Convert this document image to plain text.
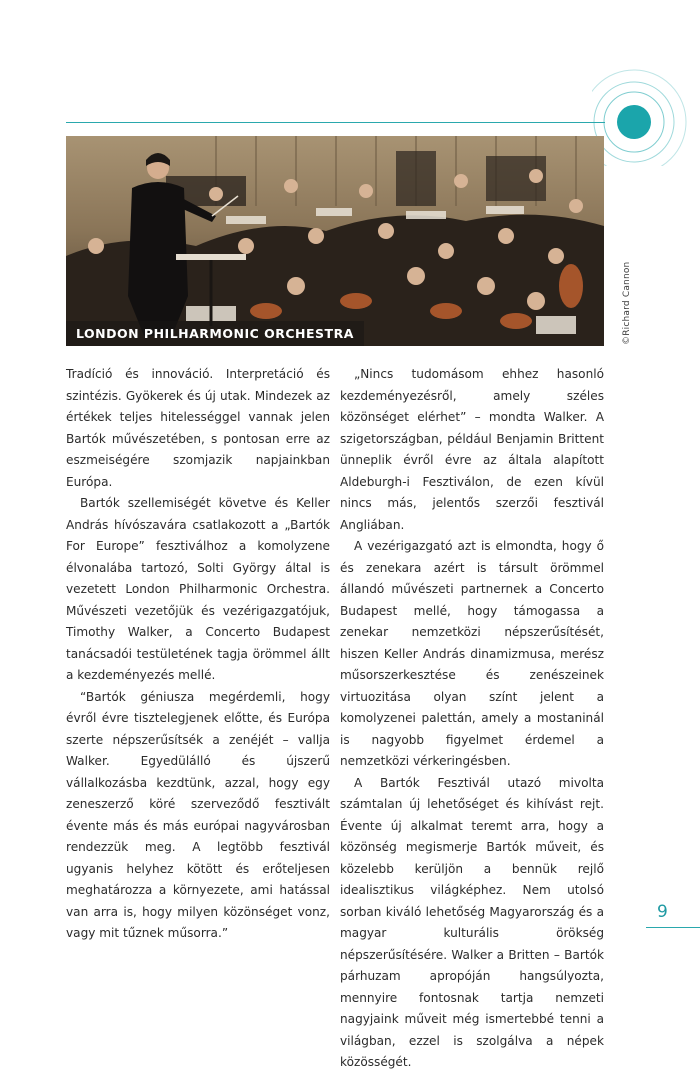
LONDON PHILHARMONIC ORCHESTRA	©Richard Cannon

Tradíció és innováció. Interpretáció és szintézis. Gyökerek és új utak. Mindezek az értékek teljes hitelességgel vannak jelen Bartók művészetében, s pontosan erre az eszmeiségére szomjazik napjainkban Európa.

Bartók szellemiségét követve és Keller András hívószavára csatlakozott a „Bartók For Europe” fesztiválhoz a komolyzene élvonalába tartozó, Solti György által is vezetett London Philharmonic Orchestra. Művészeti vezetőjük és vezérigazgatójuk, Timothy Walker, a Concerto Budapest tanácsadói testületének tagja örömmel állt a kezdeményezés mellé.

“Bartók géniusza megérdemli, hogy évről évre tisztelegjenek előtte, és Európa szerte népszerűsítsék a zenéjét – vallja Walker. Egyedülálló és újszerű vállalkozásba kezdtünk, azzal, hogy egy zeneszerző köré szerveződő fesztivált évente más és más európai nagyvárosban rendezzük meg. A legtöbb fesztivál ugyanis helyhez kötött és erőteljesen meghatározza a környezete, ami hatással van arra is, hogy milyen közönséget vonz, vagy mit tűznek műsorra.”

„Nincs tudomásom ehhez hasonló kezdeményezésről, amely széles közönséget elérhet” – mondta Walker. A szigetországban, például Benjamin Brittent ünneplik évről évre az általa alapított Aldeburgh-i Fesztiválon, de ezen kívül nincs más, jelentős szerzői fesztivál Angliában.

A vezérigazgató azt is elmondta, hogy ő és zenekara azért is társult örömmel állandó művészeti partnernek a Concerto Budapest mellé, hogy támogassa a zenekar nemzetközi népszerűsítését, hiszen Keller András dinamizmusa, merész műsorszerkesztése és zenészeinek virtuozitása olyan színt jelent a komolyzenei palettán, amely a mostaninál is nagyobb figyelmet érdemel a nemzetközi vérkeringésben.

A Bartók Fesztivál utazó mivolta számtalan új lehetőséget és kihívást rejt. Évente új alkalmat teremt arra, hogy a közönség megismerje Bartók műveit, és közelebb kerüljön a bennük rejlő idealisztikus világképhez. Nem utolsó sorban kiváló lehetőség Magyarország és a magyar kulturális örökség népszerűsítésére. Walker a Britten – Bartók párhuzam apropóján hangsúlyozta, mennyire fontosnak tartja nemzeti nagyjaink műveit még ismertebbé tenni a világban, ezzel is szolgálva a népek közösségét.

9
